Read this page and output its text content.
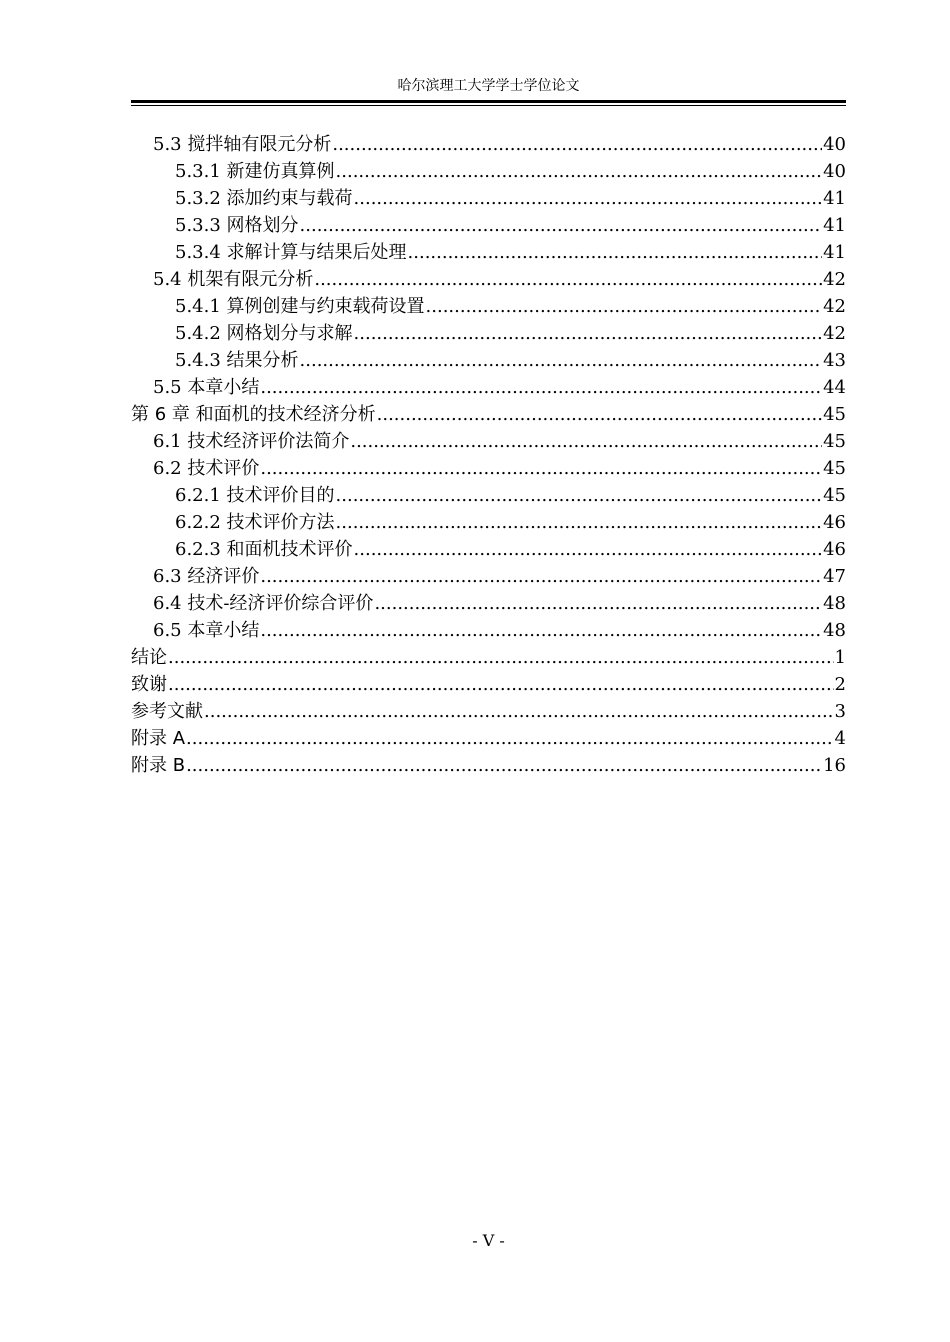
哈尔滨理工大学学士学位论文
5.3 搅拌轴有限元分析 .....	40
5.3.1 新建仿真算例 .....	40
5.3.2 添加约束与载荷 .....	41
5.3.3 网格划分 .....	41
5.3.4 求解计算与结果后处理 .....	41
5.4 机架有限元分析 .....	42
5.4.1 算例创建与约束载荷设置 .....	42
5.4.2 网格划分与求解 .....	42
5.4.3 结果分析 .....	43
5.5 本章小结 .....	44
第 6 章 和面机的技术经济分析 .....	45
6.1 技术经济评价法简介 .....	45
6.2 技术评价 .....	45
6.2.1 技术评价目的 .....	45
6.2.2 技术评价方法 .....	46
6.2.3 和面机技术评价 .....	46
6.3 经济评价 .....	47
6.4 技术-经济评价综合评价 .....	48
6.5 本章小结 .....	48
结论 .....	1
致谢 .....	2
参考文献 .....	3
附录 A .....	4
附录 B .....	16
- V -
